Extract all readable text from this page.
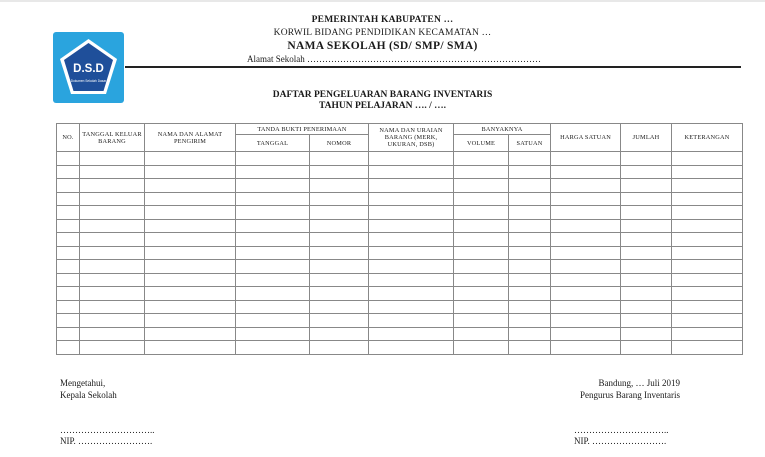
D.S.D
Dokumen Sekolah Dasar
PEMERINTAH KABUPATEN …
KORWIL BIDANG PENDIDIKAN KECAMATAN …
NAMA SEKOLAH (SD/ SMP/ SMA)
Alamat Sekolah ……………………………………………………………………
DAFTAR PENGELUARAN BARANG INVENTARIS
TAHUN PELAJARAN …. / ….
NO.	TANGGAL KELUAR BARANG	NAMA DAN ALAMAT PENGIRIM	TANDA BUKTI PENERIMAAN		NAMA DAN URAIAN BARANG (MERK, UKURAN, DSB)	BANYAKNYA		HARGA SATUAN	JUMLAH	KETERANGAN
			TANGGAL	NOMOR		VOLUME	SATUAN			

Mengetahui,
Kepala Sekolah
…………………………..
NIP. …………………….
Bandung, … Juli 2019
Pengurus Barang Inventaris
…………………………..
NIP. …………………….
